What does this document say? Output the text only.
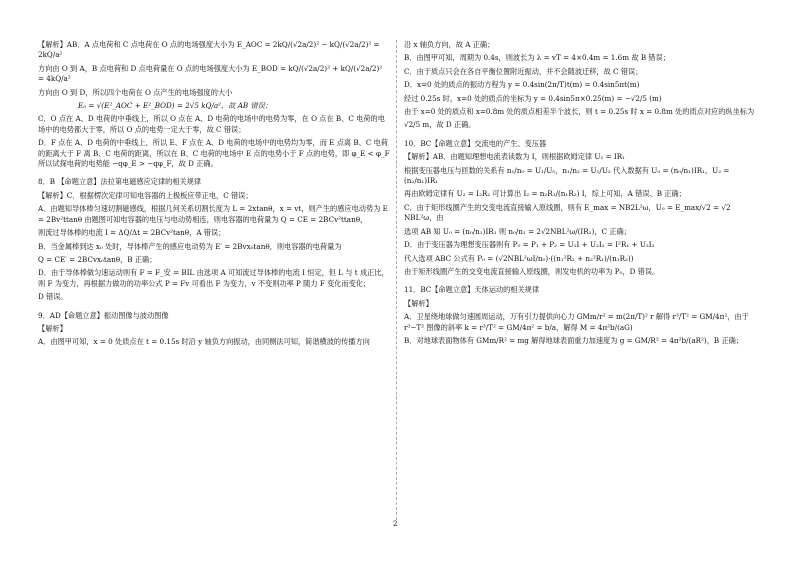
【解析】AB．A 点电荷和 C 点电荷在 O 点的电场强度大小为 E_AOC = 2kQ/(√2a/2)² − kQ/(√2a/2)² = 2kQ/a²

方向由 O 到 A，B 点电荷和 D 点电荷量在 O 点的电场强度大小为 E_BOD = kQ/(√2a/2)² + kQ/(√2a/2)² = 4kQ/a²

方向由 O 到 D，所以四个电荷在 O 点产生的电场强度的大小

E₀ = √(E²_AOC + E²_BOD) = 2√5 kQ/a²，故 AB 错误；

C．O 点在 A、D 电荷的中垂线上，所以 O 点在 A、D 电荷的电场中的电势为零，在 O 点在 B、C 电荷的电场中的电势都大于零，所以 O 点的电势一定大于零，故 C 错误；

D．F 点在 A、D 电荷的中垂线上，所以 E、F 点在 A、D 电荷的电场中的电势均为零，而 E 点离 B、C 电荷的距离大于 F 离 B、C 电荷的距离，所以在 B、C 电荷的电场中 E 点的电势小于 F 点的电势，即 φ_E < φ_F 所以试探电荷的电势能 −qφ_E > −qφ_F，故 D 正确。

8．B 【命题立意】法拉第电磁感应定律的相关规律

【解析】C．根据楞次定律可知电容器的上极板应带正电，C 错误；

A．由题知导体棒匀速切割磁感线，根据几何关系切割长度为 L = 2xtanθ，x = vt，则产生的感应电动势为 E = 2Bv²ttanθ 由题图可知电容器的电压与电动势相连，则电容器的电荷量为 Q = CE = 2BCv²ttanθ，

则流过导体棒的电流 I = ΔQ/Δt = 2BCv²tanθ，A 错误；

B．当金属棒到达 x₀ 处时，导体棒产生的感应电动势为 E′ = 2Bvx₀tanθ，则电容器的电荷量为

Q = CE′ = 2BCvx₀tanθ，B 正确；

D．由于导体棒做匀速运动则有 F = F_安 = BIL 由选项 A 可知流过导体棒的电流 I 恒定，但 L 与 t 成正比，则 F 为变力，再根据力做功的功率公式 P = Fv 可看出 F 为变力，v 不变则功率 P 随力 F 变化而变化；

D 错误。

9．AD【命题立意】振动图像与波动图像

【解析】

A．由图甲可知，x = 0 处质点在 t = 0.15s 时沿 y 轴负方向振动，由同侧法可知，简谐横波的传播方向

沿 x 轴负方向，故 A 正确；

B．由图甲可知，周期为 0.4s，则波长为 λ = vT = 4×0.4m = 1.6m 故 B 错误；

C．由于质点只会在各自平衡位置附近振动，并不会随波迁移，故 C 错误；

D．x=0 处的质点的振动方程为 y = 0.4sin(2π/T)t(m) = 0.4sin5πt(m)

经过 0.25s 时，x=0 处的质点的坐标为 y = 0.4sin5π×0.25(m) = −√2/5 (m)

由于 x=0 处的质点和 x=0.8m 处的质点相差半个波长，则 t = 0.25s 时 x = 0.8m 处的质点对应的纵坐标为

√2/5 m，故 D 正确。

10．BC【命题立意】交流电的产生、变压器

【解析】AB．由题知理想电流表读数为 I，则根据欧姆定律 U₁ = IR₁

根据变压器电压与匝数的关系有 n₁/n₀ = U₁/U₀，n₁/n₂ = U₁/U₂ 代入数据有 U₀ = (n₀/n₁)IR₁，U₂ = (n₂/n₁)IR₁

再由欧姆定律有 U₂ = I₂R₂ 可计算出 I₂ = n₂R₁/(n₁R₂) I，综上可知，A 错误、B 正确；

C．由于矩形线圈产生的交变电流直接输入原线圈，则有 E_max = NB2L²ω，U₀ = E_max/√2 = √2 NBL²ω，由

选项 AB 知 U₀ = (n₀/n₁)IR₁ 则 n₀/n₁ = 2√2NBL²ω/(IR₁)，C 正确；

D．由于变压器为理想变压器则有 P₀ = P₁ + P₂ = U₁I + U₂I₂ = I²R₁ + U₂I₂

代入选项 ABC 公式有 P₀ = (√2NBL²ωI/n₀)·((n₁²R₂ + n₂²R₁)/(n₁R₂))

由于矩形线圈产生的交变电流直接输入原线圈，则发电机的功率为 P₀，D 错误。

11．BC【命题立意】天体运动的相关规律

【解析】

A．卫星绕地球做匀速圆周运动，万有引力提供向心力 GMm/r² = m(2π/T)² r 解得 r³/T² = GM/4π²，由于 r³−T² 图像的斜率 k = r³/T² = GM/4π² = b/a，解得 M = 4π²b/(aG)

B．对地球表面物体有 GMm/R² = mg 解得地球表面重力加速度为 g = GM/R² = 4π²b/(aR²)，B 正确；

2
